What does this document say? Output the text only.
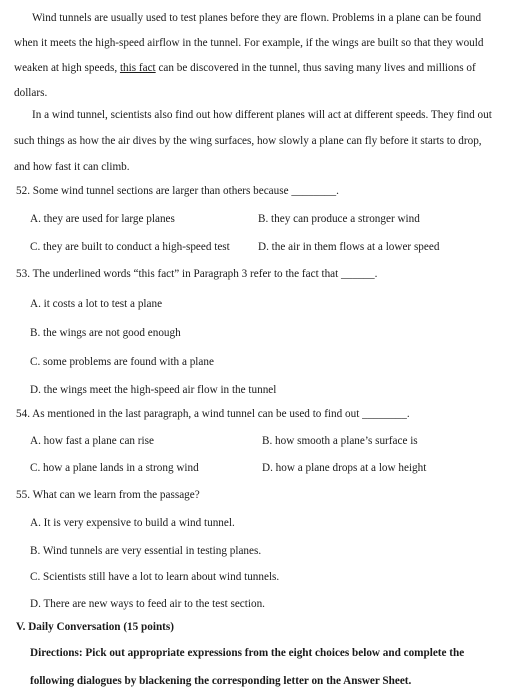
Wind tunnels are usually used to test planes before they are flown. Problems in a plane can be found
when it meets the high-speed airflow in the tunnel. For example, if the wings are built so that they would
weaken at high speeds, this fact can be discovered in the tunnel, thus saving many lives and millions of
dollars.
In a wind tunnel, scientists also find out how different planes will act at different speeds. They find out
such things as how the air dives by the wing surfaces, how slowly a plane can fly before it starts to drop,
and how fast it can climb.
52. Some wind tunnel sections are larger than others because ________.
A. they are used for large planes	B. they can produce a stronger wind
C. they are built to conduct a high-speed test	D. the air in them flows at a lower speed
53. The underlined words “this fact” in Paragraph 3 refer to the fact that ______.
A. it costs a lot to test a plane
B. the wings are not good enough
C. some problems are found with a plane
D. the wings meet the high-speed air flow in the tunnel
54. As mentioned in the last paragraph, a wind tunnel can be used to find out ________.
A. how fast a plane can rise	B. how smooth a plane’s surface is
C. how a plane lands in a strong wind	D. how a plane drops at a low height
55. What can we learn from the passage?
A. It is very expensive to build a wind tunnel.
B. Wind tunnels are very essential in testing planes.
C. Scientists still have a lot to learn about wind tunnels.
D. There are new ways to feed air to the test section.
V. Daily Conversation (15 points)
Directions: Pick out appropriate expressions from the eight choices below and complete the
following dialogues by blackening the corresponding letter on the Answer Sheet.
